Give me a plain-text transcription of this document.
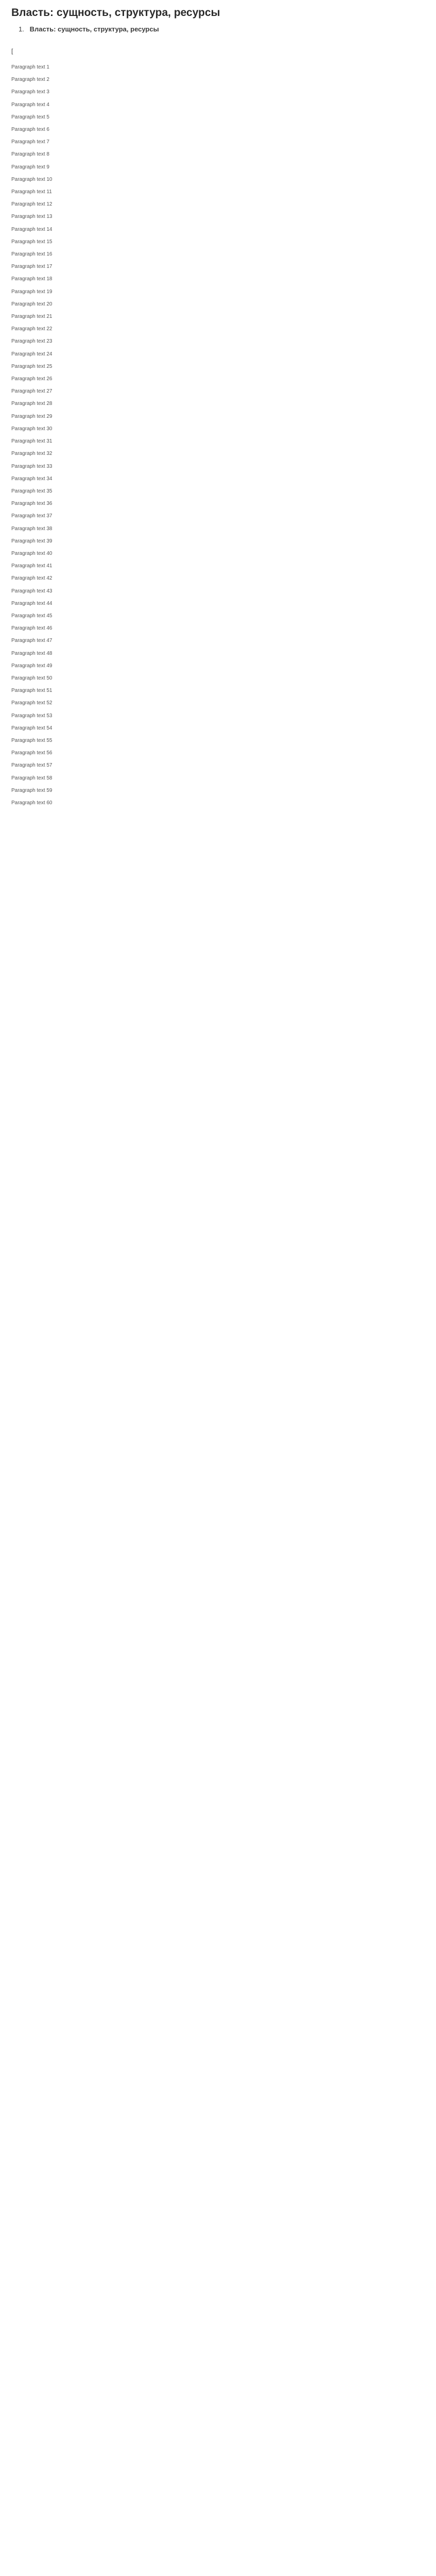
Власть: сущность, структура, ресурсы
1. Власть: сущность, структура, ресурсы
[

Paragraph text 1

Paragraph text 2

Paragraph text 3

Paragraph text 4

Paragraph text 5

Paragraph text 6

Paragraph text 7

Paragraph text 8

Paragraph text 9

Paragraph text 10

Paragraph text 11

Paragraph text 12

Paragraph text 13

Paragraph text 14

Paragraph text 15

Paragraph text 16

Paragraph text 17

Paragraph text 18

Paragraph text 19

Paragraph text 20

Paragraph text 21

Paragraph text 22

Paragraph text 23

Paragraph text 24

Paragraph text 25

Paragraph text 26

Paragraph text 27

Paragraph text 28

Paragraph text 29

Paragraph text 30

Paragraph text 31

Paragraph text 32

Paragraph text 33

Paragraph text 34

Paragraph text 35

Paragraph text 36

Paragraph text 37

Paragraph text 38

Paragraph text 39

Paragraph text 40

Paragraph text 41

Paragraph text 42

Paragraph text 43

Paragraph text 44

Paragraph text 45

Paragraph text 46

Paragraph text 47

Paragraph text 48

Paragraph text 49

Paragraph text 50

Paragraph text 51

Paragraph text 52

Paragraph text 53

Paragraph text 54

Paragraph text 55

Paragraph text 56

Paragraph text 57

Paragraph text 58

Paragraph text 59

Paragraph text 60
